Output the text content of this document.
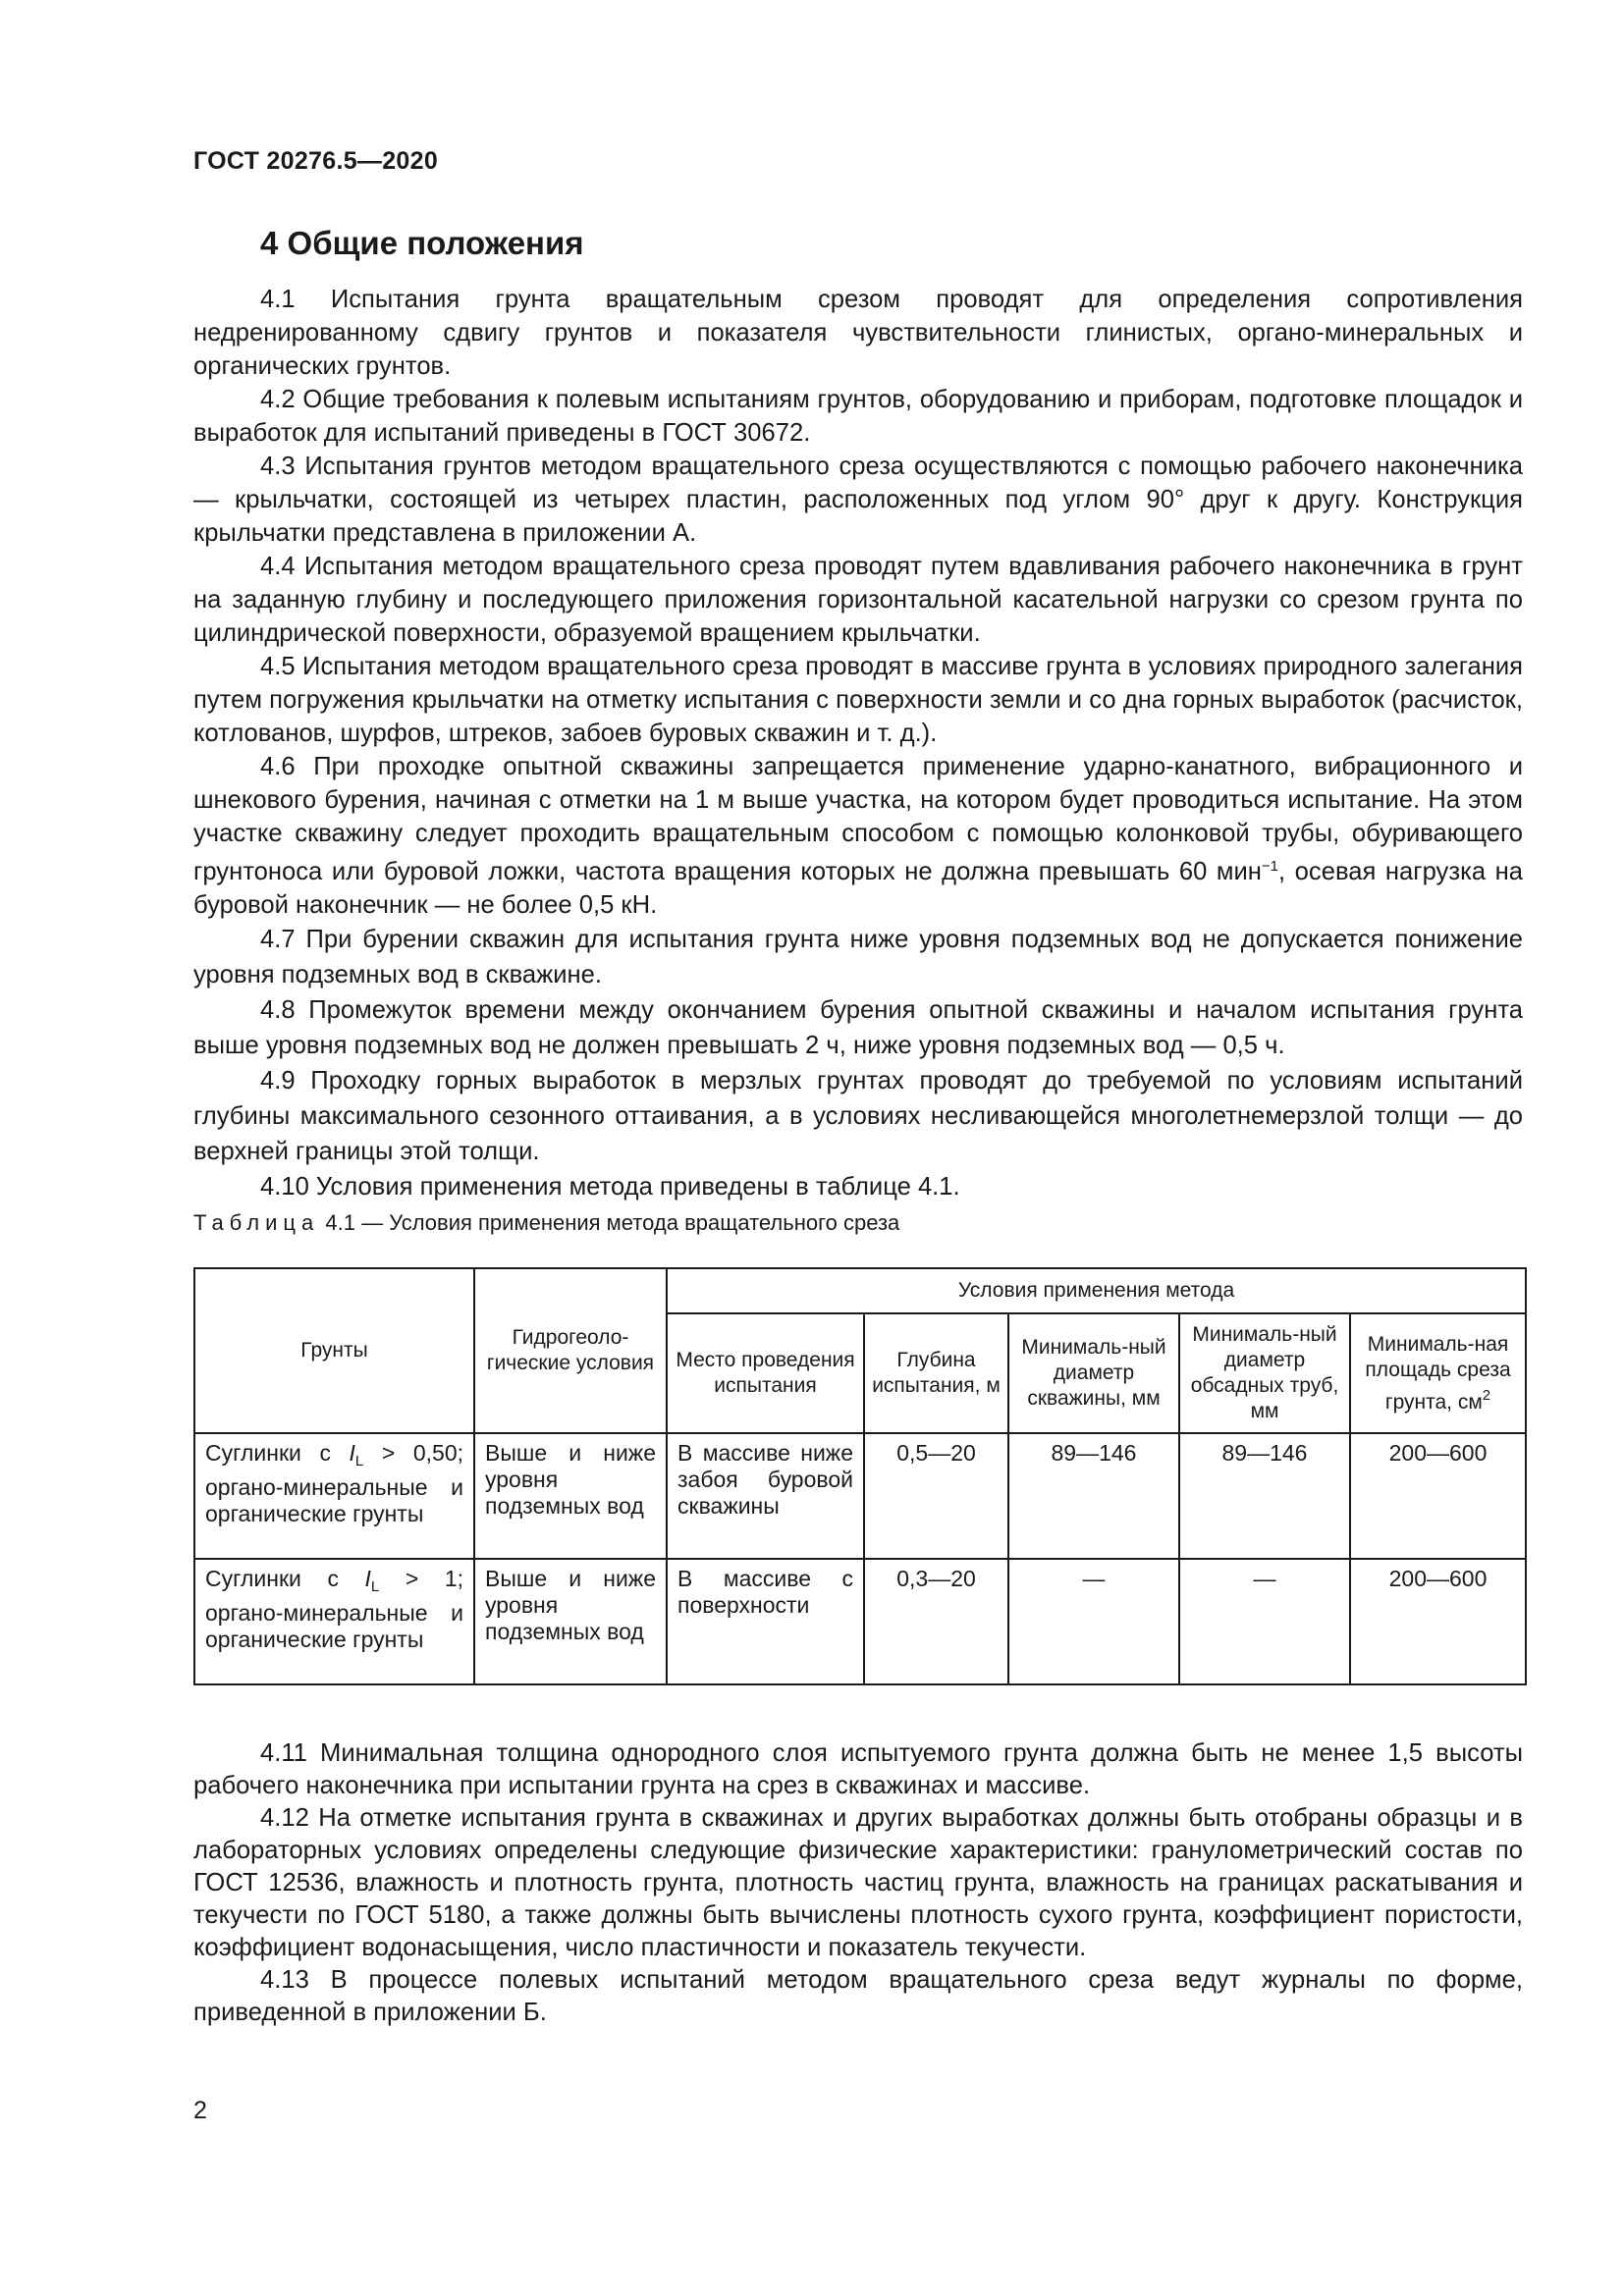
ГОСТ 20276.5—2020
4 Общие положения

4.1 Испытания грунта вращательным срезом проводят для определения сопротивления недренированному сдвигу грунтов и показателя чувствительности глинистых, органо-минеральных и органических грунтов.

4.2 Общие требования к полевым испытаниям грунтов, оборудованию и приборам, подготовке площадок и выработок для испытаний приведены в ГОСТ 30672.

4.3 Испытания грунтов методом вращательного среза осуществляются с помощью рабочего наконечника — крыльчатки, состоящей из четырех пластин, расположенных под углом 90° друг к другу. Конструкция крыльчатки представлена в приложении А.

4.4 Испытания методом вращательного среза проводят путем вдавливания рабочего наконечника в грунт на заданную глубину и последующего приложения горизонтальной касательной нагрузки со срезом грунта по цилиндрической поверхности, образуемой вращением крыльчатки.

4.5 Испытания методом вращательного среза проводят в массиве грунта в условиях природного залегания путем погружения крыльчатки на отметку испытания с поверхности земли и со дна горных выработок (расчисток, котлованов, шурфов, штреков, забоев буровых скважин и т. д.).

4.6 При проходке опытной скважины запрещается применение ударно-канатного, вибрационного и шнекового бурения, начиная с отметки на 1 м выше участка, на котором будет проводиться испытание. На этом участке скважину следует проходить вращательным способом с помощью колонковой трубы, обуривающего грунтоноса или буровой ложки, частота вращения которых не должна превышать 60 мин$^{-1}$, осевая нагрузка на буровой наконечник — не более 0,5 кН.

4.7 При бурении скважин для испытания грунта ниже уровня подземных вод не допускается понижение уровня подземных вод в скважине.

4.8 Промежуток времени между окончанием бурения опытной скважины и началом испытания грунта выше уровня подземных вод не должен превышать 2 ч, ниже уровня подземных вод — 0,5 ч.

4.9 Проходку горных выработок в мерзлых грунтах проводят до требуемой по условиям испытаний глубины максимального сезонного оттаивания, а в условиях несливающейся многолетнемерзлой толщи — до верхней границы этой толщи.

4.10 Условия применения метода приведены в таблице 4.1.

Таблица 4.1 — Условия применения метода вращательного среза
Грунты	Гидрогеоло-гические условия	Условия применения метода				
		Место проведения испытания	Глубина испытания, м	Минималь-ный диаметр скважины, мм	Минималь-ный диаметр обсадных труб, мм	Минималь-ная площадь среза грунта, $см^2$
Суглинки с $I_L > 0,50$; органо-минеральные и органические грунты	Выше и ниже уровня подземных вод	В массиве ниже забоя буровой скважины	0,5—20	89—146	89—146	200—600
Суглинки с $I_L > 1$; органо-минеральные и органические грунты	Выше и ниже уровня подземных вод	В массиве с поверхности	0,3—20	—	—	200—600

4.11 Минимальная толщина однородного слоя испытуемого грунта должна быть не менее 1,5 высоты рабочего наконечника при испытании грунта на срез в скважинах и массиве.

4.12 На отметке испытания грунта в скважинах и других выработках должны быть отобраны образцы и в лабораторных условиях определены следующие физические характеристики: гранулометрический состав по ГОСТ 12536, влажность и плотность грунта, плотность частиц грунта, влажность на границах раскатывания и текучести по ГОСТ 5180, а также должны быть вычислены плотность сухого грунта, коэффициент пористости, коэффициент водонасыщения, число пластичности и показатель текучести.

4.13 В процессе полевых испытаний методом вращательного среза ведут журналы по форме, приведенной в приложении Б.

2
